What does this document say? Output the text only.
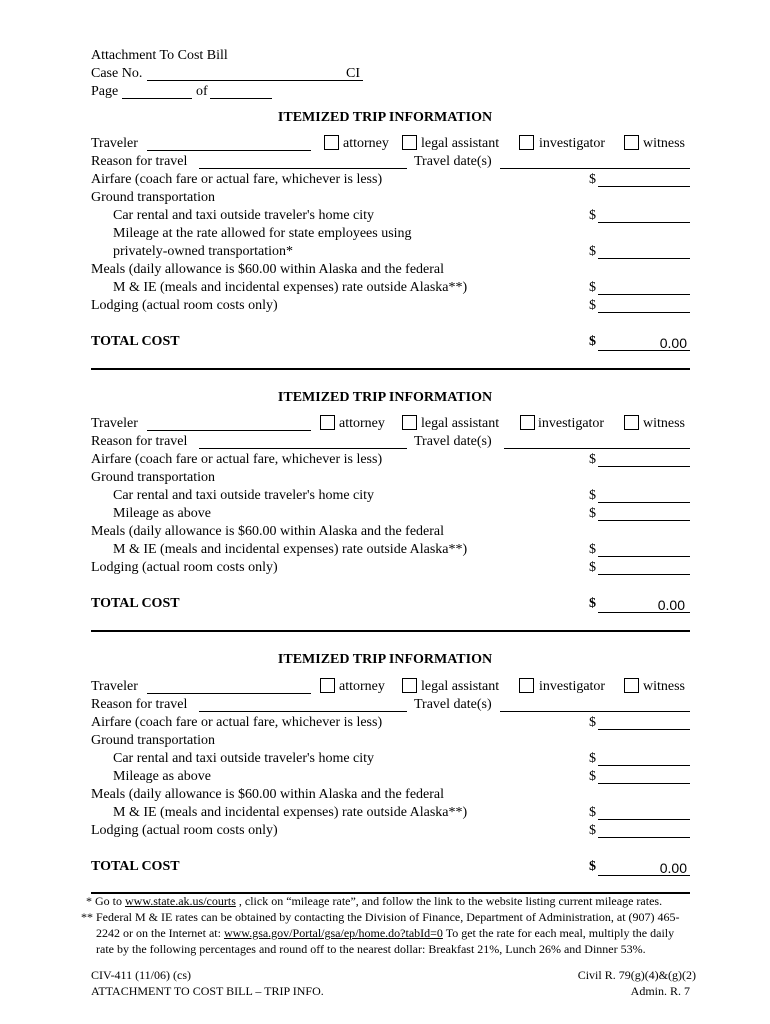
Attachment To Cost Bill
Case No.	CI
Page	of
ITEMIZED TRIP INFORMATION
Traveler	attorney legal assistant	investigator	witness
Reason for travel	Travel date(s)
Airfare (coach fare or actual fare, whichever is less)	$
Ground transportation
Car rental and taxi outside traveler's home city	$
Mileage at the rate allowed for state employees using
privately-owned transportation*	$
Meals (daily allowance is $60.00 within Alaska and the federal
M & IE (meals and incidental expenses) rate outside Alaska**)	$
Lodging (actual room costs only)	$
TOTAL COST	$	0.00
ITEMIZED TRIP INFORMATION
Traveler	attorney	legal assistant	investigator	witness
Reason for travel	Travel date(s)
Airfare (coach fare or actual fare, whichever is less)	$
Ground transportation
Car rental and taxi outside traveler's home city	$
Mileage as above	$
Meals (daily allowance is $60.00 within Alaska and the federal
M & IE (meals and incidental expenses) rate outside Alaska**)	$
Lodging (actual room costs only)	$
TOTAL COST	$	0.00
ITEMIZED TRIP INFORMATION
Traveler	attorney	legal assistant	investigator	witness
Reason for travel	Travel date(s)
Airfare (coach fare or actual fare, whichever is less)	$
Ground transportation
Car rental and taxi outside traveler's home city	$
Mileage as above	$
Meals (daily allowance is $60.00 within Alaska and the federal
M & IE (meals and incidental expenses) rate outside Alaska**)	$
Lodging (actual room costs only)	$
TOTAL COST	$	0.00
* Go to www.state.ak.us/courts , click on “mileage rate”, and follow the link to the website listing current mileage rates.
** Federal M & IE rates can be obtained by contacting the Division of Finance, Department of Administration, at (907) 465-
2242 or on the Internet at: www.gsa.gov/Portal/gsa/ep/home.do?tabId=0 To get the rate for each meal, multiply the daily
rate by the following percentages and round off to the nearest dollar: Breakfast 21%, Lunch 26% and Dinner 53%.
CIV-411 (11/06) (cs)
ATTACHMENT TO COST BILL – TRIP INFO.
Civil R. 79(g)(4)&(g)(2)
Admin. R. 7
